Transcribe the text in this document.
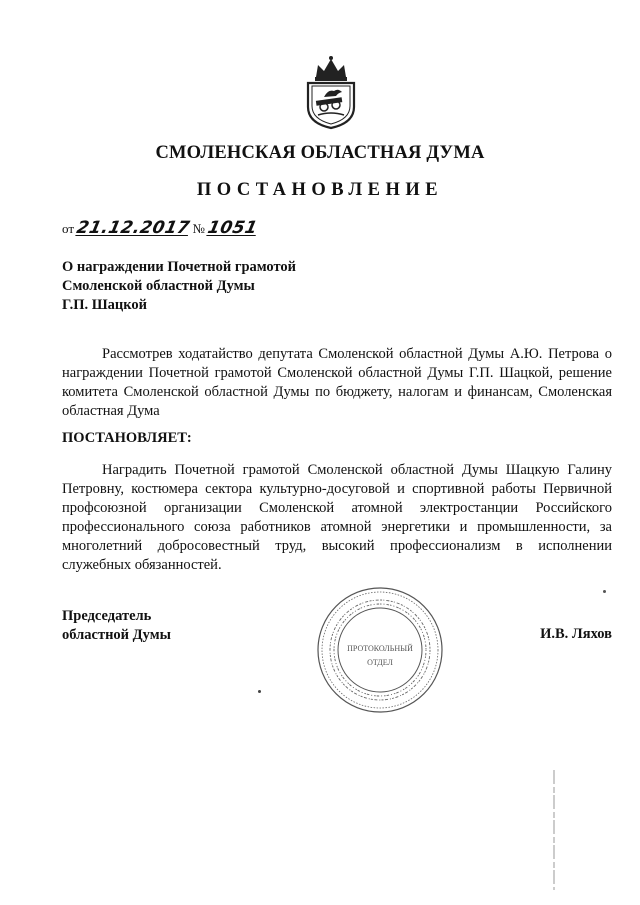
СМОЛЕНСКАЯ ОБЛАСТНАЯ ДУМА
ПОСТАНОВЛЕНИЕ
от 21.12.2017 № 1051
О награждении Почетной грамотой
Смоленской областной Думы
Г.П. Шацкой
Рассмотрев ходатайство депутата Смоленской областной Думы А.Ю. Петрова о награждении Почетной грамотой Смоленской областной Думы Г.П. Шацкой, решение комитета Смоленской областной Думы по бюджету, налогам и финансам, Смоленская областная Дума
ПОСТАНОВЛЯЕТ:
Наградить Почетной грамотой Смоленской областной Думы Шацкую Галину Петровну, костюмера сектора культурно-досуговой и спортивной работы Первичной профсоюзной организации Смоленской атомной электростанции Российского профессионального союза работников атомной энергетики и промышленности, за многолетний добросовестный труд, высокий профессионализм в исполнении служебных обязанностей.
Председатель
областной Думы	И.В. Ляхов
ПРОТОКОЛЬНЫЙ
ОТДЕЛ
